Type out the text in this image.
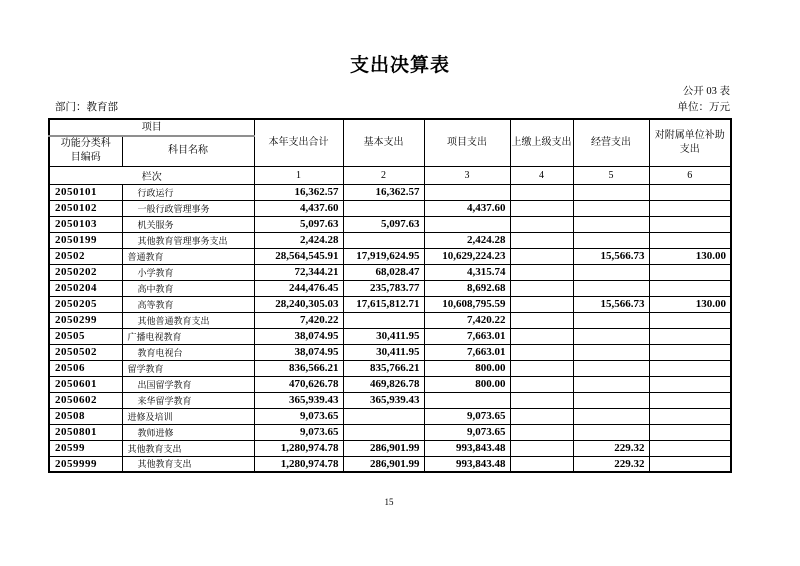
支出决算表
公开 03 表
部门：教育部	单位：万元
项目		本年支出合计	基本支出	项目支出	上缴上级支出	经营支出	对附属单位补助支出
功能分类科目编码	科目名称						
栏次		1	2	3	4	5	6
2050101	行政运行	16,362.57	16,362.57				
2050102	一般行政管理事务	4,437.60		4,437.60			
2050103	机关服务	5,097.63	5,097.63				
2050199	其他教育管理事务支出	2,424.28		2,424.28			
20502	普通教育	28,564,545.91	17,919,624.95	10,629,224.23		15,566.73	130.00
2050202	小学教育	72,344.21	68,028.47	4,315.74			
2050204	高中教育	244,476.45	235,783.77	8,692.68			
2050205	高等教育	28,240,305.03	17,615,812.71	10,608,795.59		15,566.73	130.00
2050299	其他普通教育支出	7,420.22		7,420.22			
20505	广播电视教育	38,074.95	30,411.95	7,663.01			
2050502	教育电视台	38,074.95	30,411.95	7,663.01			
20506	留学教育	836,566.21	835,766.21	800.00			
2050601	出国留学教育	470,626.78	469,826.78	800.00			
2050602	来华留学教育	365,939.43	365,939.43				
20508	进修及培训	9,073.65		9,073.65			
2050801	教师进修	9,073.65		9,073.65			
20599	其他教育支出	1,280,974.78	286,901.99	993,843.48		229.32	
2059999	其他教育支出	1,280,974.78	286,901.99	993,843.48		229.32	
15
